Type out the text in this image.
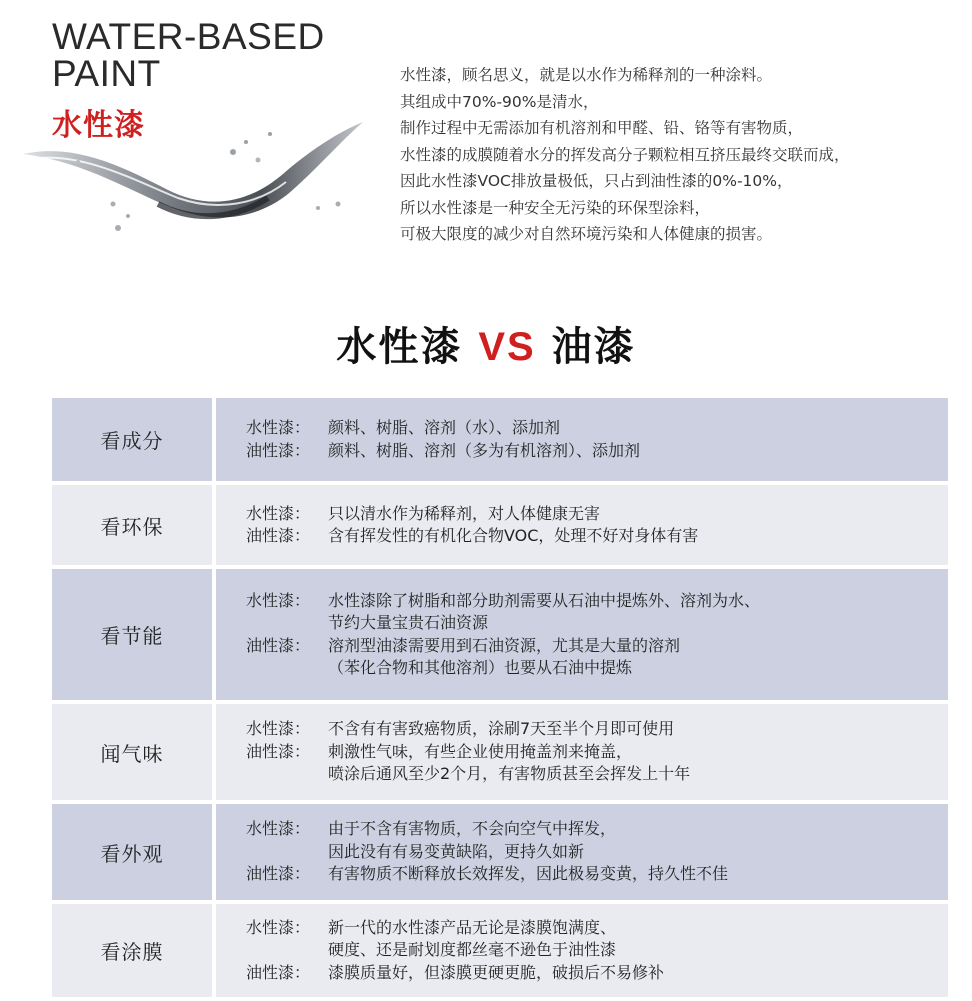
WATER-BASED
PAINT
水性漆
水性漆，顾名思义，就是以水作为稀释剂的一种涂料。
其组成中70%-90%是清水，
制作过程中无需添加有机溶剂和甲醛、铅、铬等有害物质，
水性漆的成膜随着水分的挥发高分子颗粒相互挤压最终交联而成，
因此水性漆VOC排放量极低，只占到油性漆的0%-10%，
所以水性漆是一种安全无污染的环保型涂料，
可极大限度的减少对自然环境污染和人体健康的损害。
水性漆 VS 油漆
看成分
水性漆：	颜料、树脂、溶剂（水）、添加剂
油性漆：	颜料、树脂、溶剂（多为有机溶剂）、添加剂
看环保
水性漆：	只以清水作为稀释剂，对人体健康无害
油性漆：	含有挥发性的有机化合物VOC，处理不好对身体有害
看节能
水性漆：	水性漆除了树脂和部分助剂需要从石油中提炼外、溶剂为水、
节约大量宝贵石油资源
油性漆：	溶剂型油漆需要用到石油资源，尤其是大量的溶剂
（苯化合物和其他溶剂）也要从石油中提炼
闻气味
水性漆：	不含有有害致癌物质，涂刷7天至半个月即可使用
油性漆：	刺激性气味，有些企业使用掩盖剂来掩盖，
喷涂后通风至少2个月，有害物质甚至会挥发上十年
看外观
水性漆：	由于不含有害物质，不会向空气中挥发，
因此没有有易变黄缺陷，更持久如新
油性漆：	有害物质不断释放长效挥发，因此极易变黄，持久性不佳
看涂膜
水性漆：	新一代的水性漆产品无论是漆膜饱满度、
硬度、还是耐划度都丝毫不逊色于油性漆
油性漆：	漆膜质量好，但漆膜更硬更脆，破损后不易修补
